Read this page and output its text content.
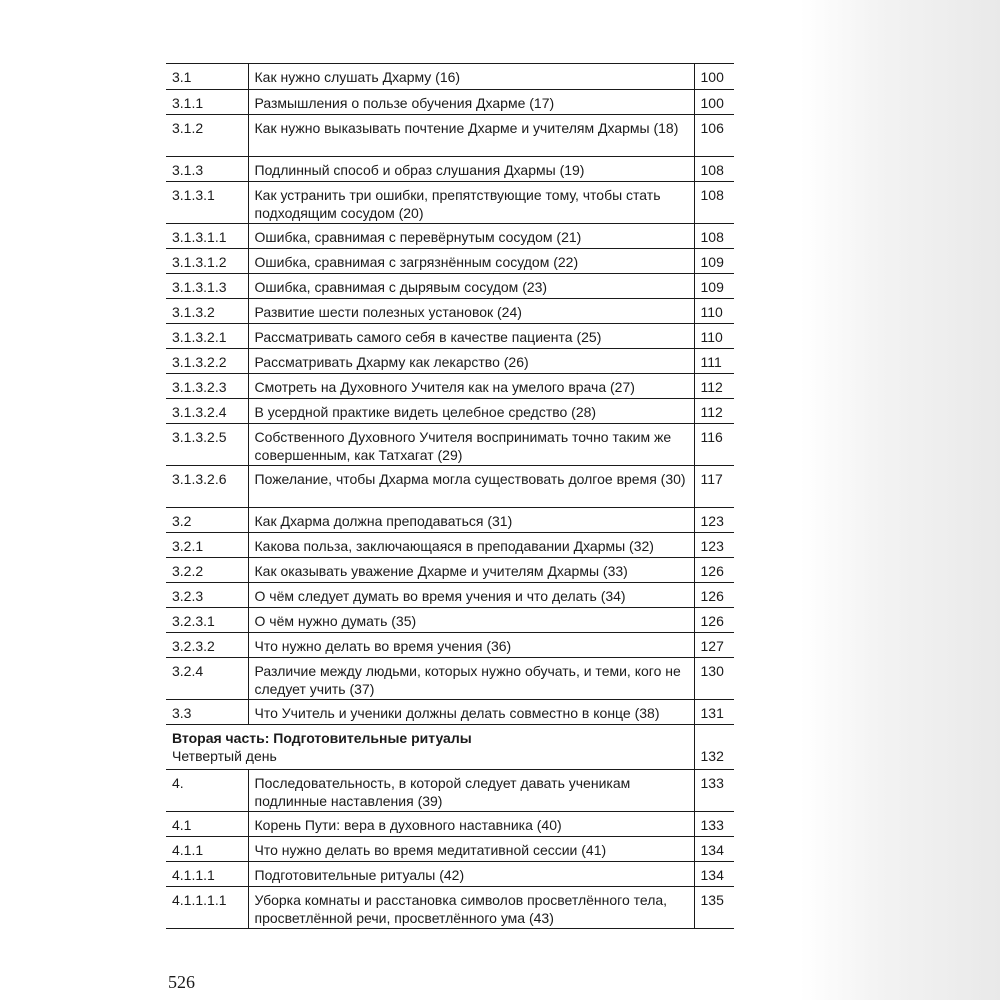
3.1	Как нужно слушать Дхарму (16)	100
3.1.1	Размышления о пользе обучения Дхарме (17)	100
3.1.2	Как нужно выказывать почтение Дхарме и учителям Дхармы (18)	106
3.1.3	Подлинный способ и образ слушания Дхармы (19)	108
3.1.3.1	Как устранить три ошибки, препятствующие тому, чтобы стать подходящим сосудом (20)	108
3.1.3.1.1	Ошибка, сравнимая с перевёрнутым сосудом (21)	108
3.1.3.1.2	Ошибка, сравнимая с загрязнённым сосудом (22)	109
3.1.3.1.3	Ошибка, сравнимая с дырявым сосудом (23)	109
3.1.3.2	Развитие шести полезных установок (24)	110
3.1.3.2.1	Рассматривать самого себя в качестве пациента (25)	110
3.1.3.2.2	Рассматривать Дхарму как лекарство (26)	111
3.1.3.2.3	Смотреть на Духовного Учителя как на умелого врача (27)	112
3.1.3.2.4	В усердной практике видеть целебное средство (28)	112
3.1.3.2.5	Собственного Духовного Учителя воспринимать точно таким же совершенным, как Татхагат (29)	116
3.1.3.2.6	Пожелание, чтобы Дхарма могла существовать долгое время (30)	117
3.2	Как Дхарма должна преподаваться (31)	123
3.2.1	Какова польза, заключающаяся в преподавании Дхармы (32)	123
3.2.2	Как оказывать уважение Дхарме и учителям Дхармы (33)	126
3.2.3	О чём следует думать во время учения и что делать (34)	126
3.2.3.1	О чём нужно думать (35)	126
3.2.3.2	Что нужно делать во время учения (36)	127
3.2.4	Различие между людьми, которых нужно обучать, и теми, кого не следует учить (37)	130
3.3	Что Учитель и ученики должны делать совместно в конце (38)	131

Вторая часть: Подготовительные ритуалы
Четвертый день		132
4.	Последовательность, в которой следует давать ученикам подлинные наставления (39)	133
4.1	Корень Пути: вера в духовного наставника (40)	133
4.1.1	Что нужно делать во время медитативной сессии (41)	134
4.1.1.1	Подготовительные ритуалы (42)	134
4.1.1.1.1	Уборка комнаты и расстановка символов просветлённого тела, просветлённой речи, просветлённого ума (43)	135
526
